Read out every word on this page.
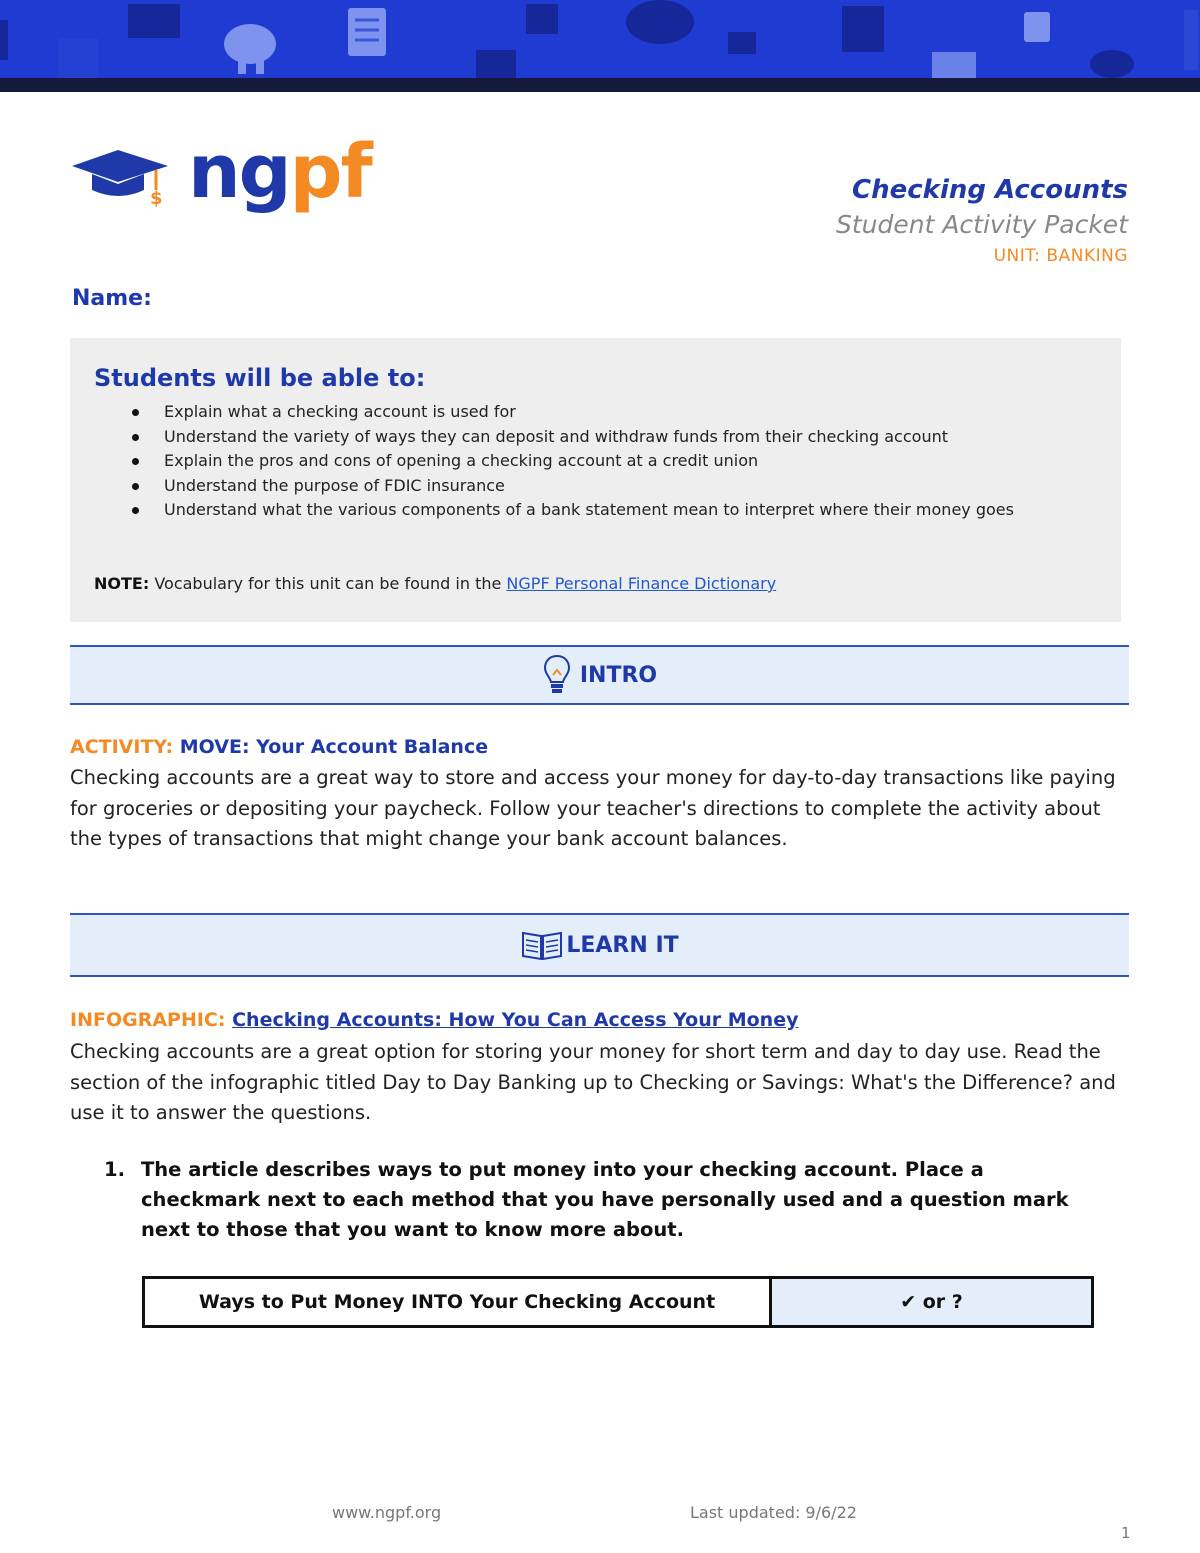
$ ngpf	Checking Accounts
Student Activity Packet
UNIT: BANKING
Name:
Students will be able to:
Explain what a checking account is used for
Understand the variety of ways they can deposit and withdraw funds from their checking account
Explain the pros and cons of opening a checking account at a credit union
Understand the purpose of FDIC insurance
Understand what the various components of a bank statement mean to interpret where their money goes
NOTE: Vocabulary for this unit can be found in the NGPF Personal Finance Dictionary
INTRO
ACTIVITY: MOVE: Your Account Balance
Checking accounts are a great way to store and access your money for day-to-day transactions like paying for groceries or depositing your paycheck. Follow your teacher's directions to complete the activity about the types of transactions that might change your bank account balances.
LEARN IT
INFOGRAPHIC: Checking Accounts: How You Can Access Your Money
Checking accounts are a great option for storing your money for short term and day to day use. Read the section of the infographic titled Day to Day Banking up to Checking or Savings: What's the Difference? and use it to answer the questions.
1. The article describes ways to put money into your checking account. Place a checkmark next to each method that you have personally used and a question mark next to those that you want to know more about.
Ways to Put Money INTO Your Checking Account	✔ or ?
www.ngpf.org	Last updated: 9/6/22
1
